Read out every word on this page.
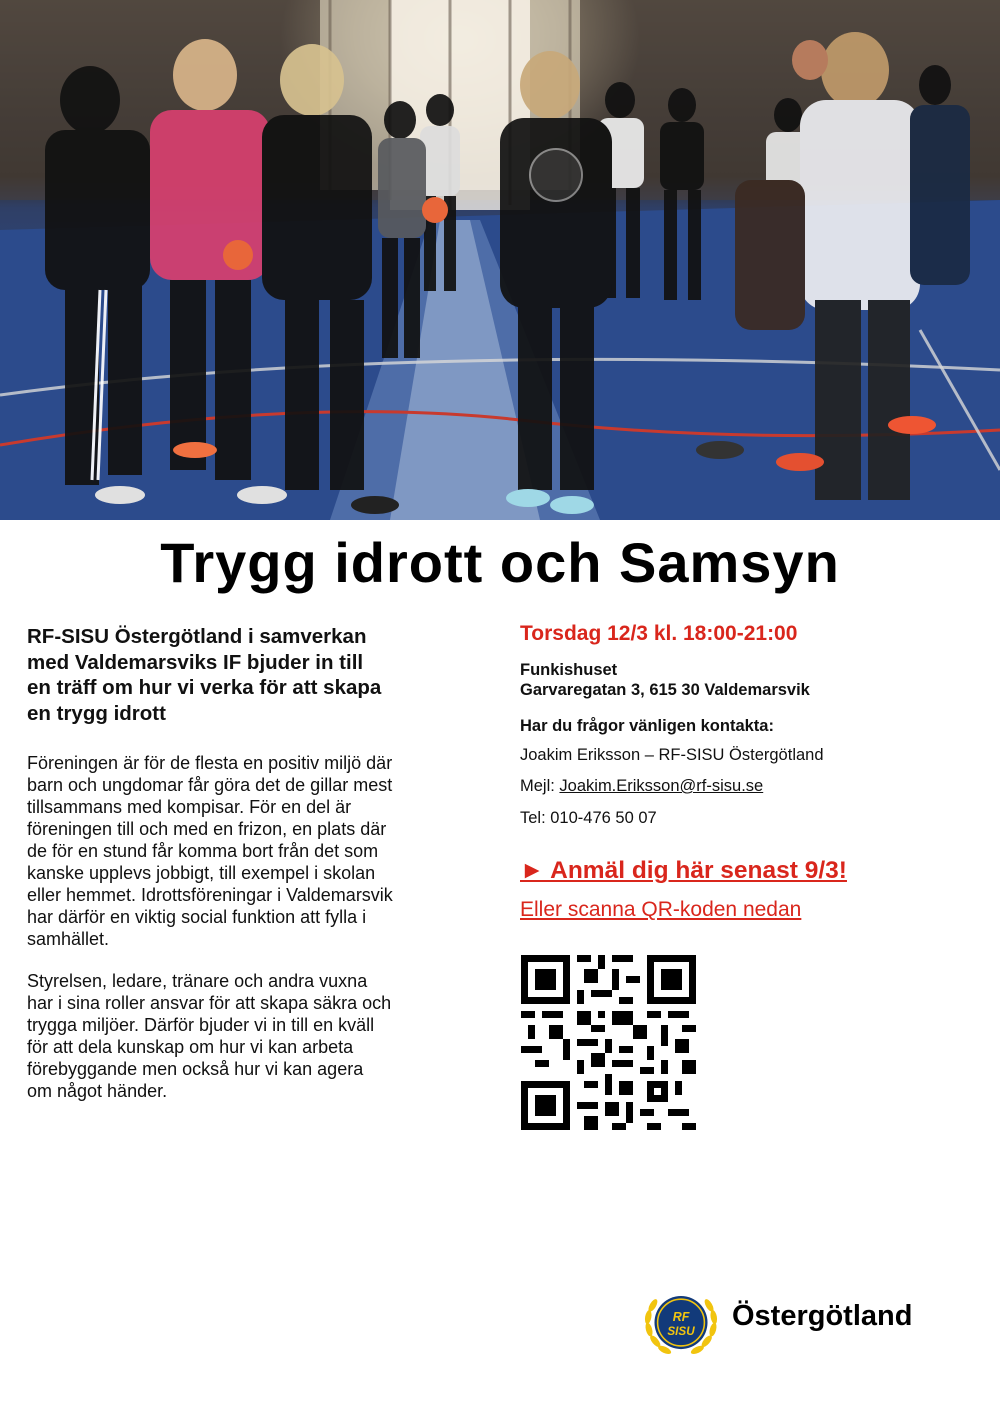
Trygg idrott och Samsyn

RF-SISU Östergötland i samverkan

med Valdemarsviks IF bjuder in till

en träff om hur vi verka för att skapa

en trygg idrott

Föreningen är för de flesta en positiv miljö där

barn och ungdomar får göra det de gillar mest

tillsammans med kompisar. För en del är

föreningen till och med en frizon, en plats där

de för en stund får komma bort från det som

kanske upplevs jobbigt, till exempel i skolan

eller hemmet. Idrottsföreningar i Valdemarsvik

har därför en viktig social funktion att fylla i

samhället.

Styrelsen, ledare, tränare och andra vuxna

har i sina roller ansvar för att skapa säkra och

trygga miljöer. Därför bjuder vi in till en kväll

för att dela kunskap om hur vi kan arbeta

förebyggande men också hur vi kan agera

om något händer.

Torsdag 12/3 kl. 18:00-21:00

Funkishuset
Garvaregatan 3, 615 30 Valdemarsvik

Har du frågor vänligen kontakta:

Joakim Eriksson – RF-SISU Östergötland

Mejl: Joakim.Eriksson@rf-sisu.se

Tel: 010-476 50 07

► Anmäl dig här senast 9/3!
Eller scanna QR-koden nedan
RF
SISU Östergötland
